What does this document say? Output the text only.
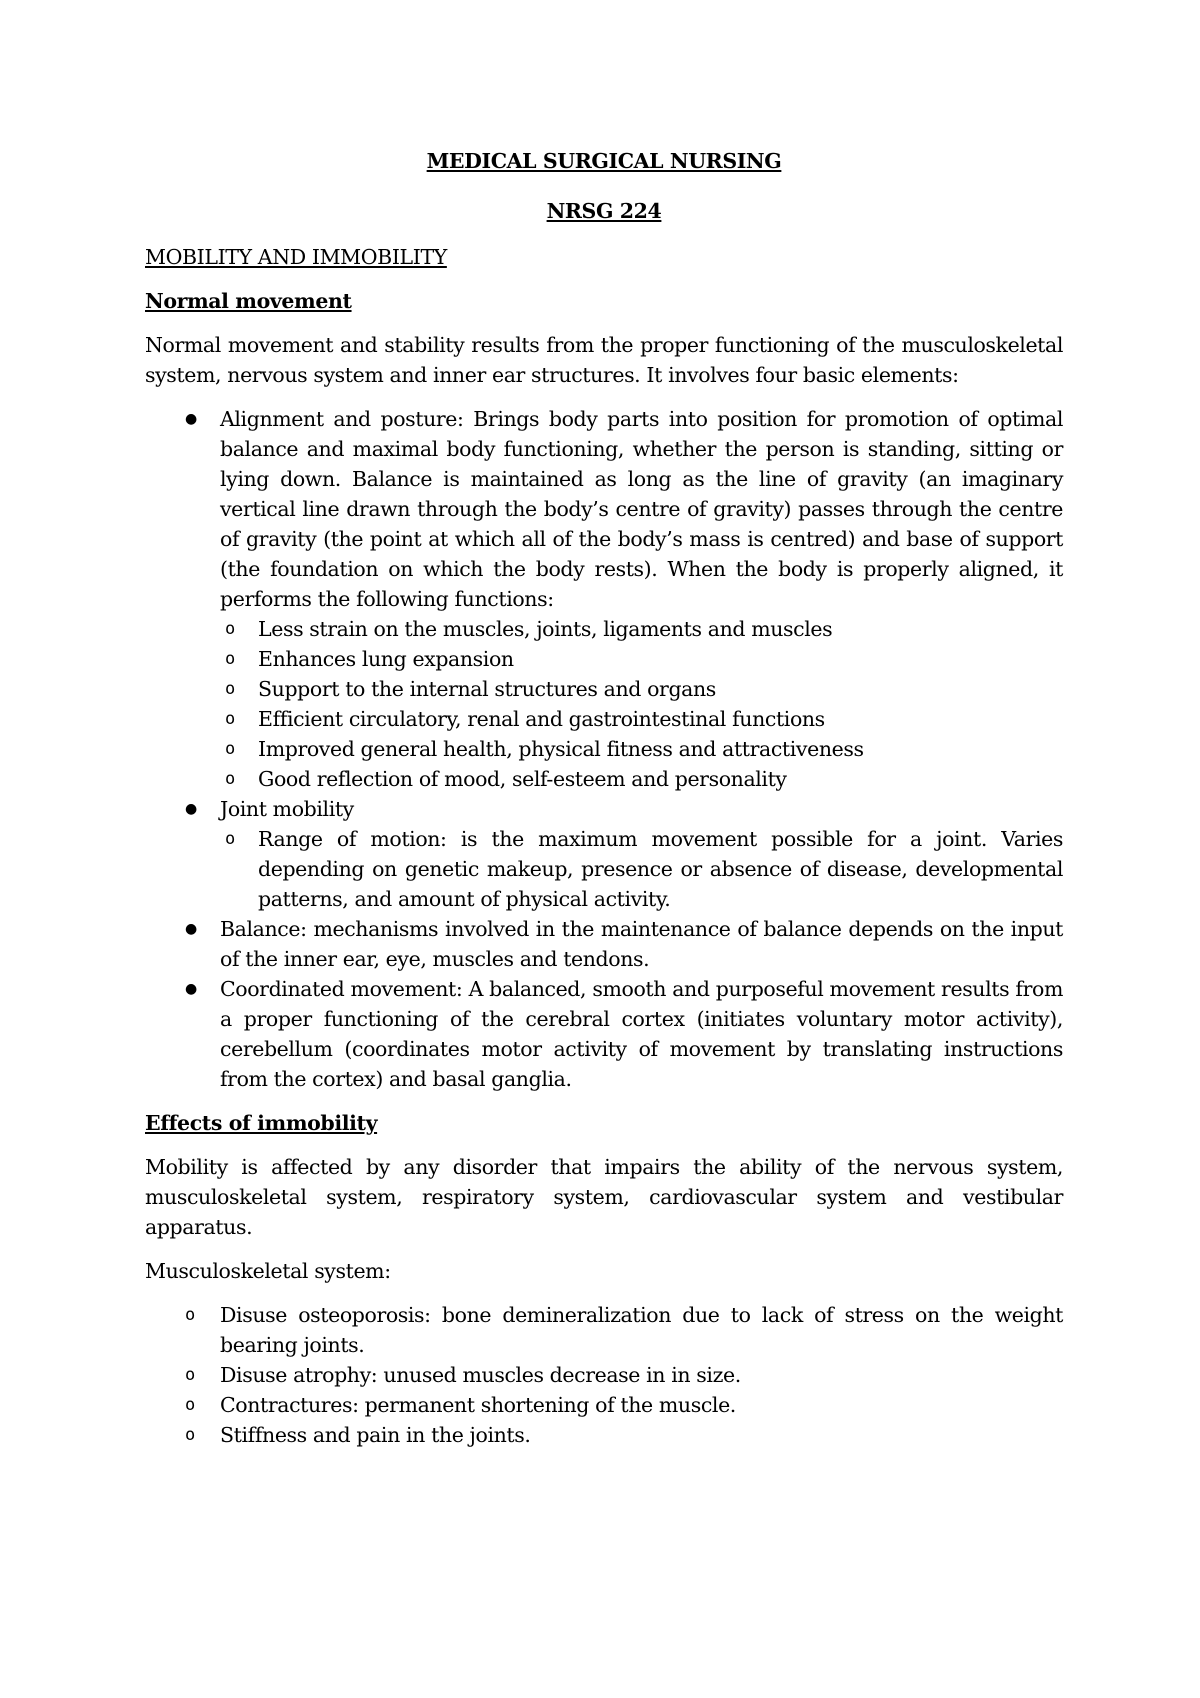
MEDICAL SURGICAL NURSING
NRSG 224
MOBILITY AND IMMOBILITY
Normal movement

Normal movement and stability results from the proper functioning of the musculoskeletal system, nervous system and inner ear structures. It involves four basic elements:

● Alignment and posture: Brings body parts into position for promotion of optimal balance and maximal body functioning, whether the person is standing, sitting or lying down. Balance is maintained as long as the line of gravity (an imaginary vertical line drawn through the body’s centre of gravity) passes through the centre of gravity (the point at which all of the body’s mass is centred) and base of support (the foundation on which the body rests). When the body is properly aligned, it performs the following functions:
o Less strain on the muscles, joints, ligaments and muscles
o Enhances lung expansion
o Support to the internal structures and organs
o Efficient circulatory, renal and gastrointestinal functions
o Improved general health, physical fitness and attractiveness
o Good reflection of mood, self-esteem and personality
● Joint mobility
o Range of motion: is the maximum movement possible for a joint. Varies depending on genetic makeup, presence or absence of disease, developmental patterns, and amount of physical activity.
● Balance: mechanisms involved in the maintenance of balance depends on the input of the inner ear, eye, muscles and tendons.
● Coordinated movement: A balanced, smooth and purposeful movement results from a proper functioning of the cerebral cortex (initiates voluntary motor activity), cerebellum (coordinates motor activity of movement by translating instructions from the cortex) and basal ganglia.
Effects of immobility

Mobility is affected by any disorder that impairs the ability of the nervous system, musculoskeletal system, respiratory system, cardiovascular system and vestibular apparatus.

Musculoskeletal system:

o Disuse osteoporosis: bone demineralization due to lack of stress on the weight bearing joints.
o Disuse atrophy: unused muscles decrease in in size.
o Contractures: permanent shortening of the muscle.
o Stiffness and pain in the joints.
